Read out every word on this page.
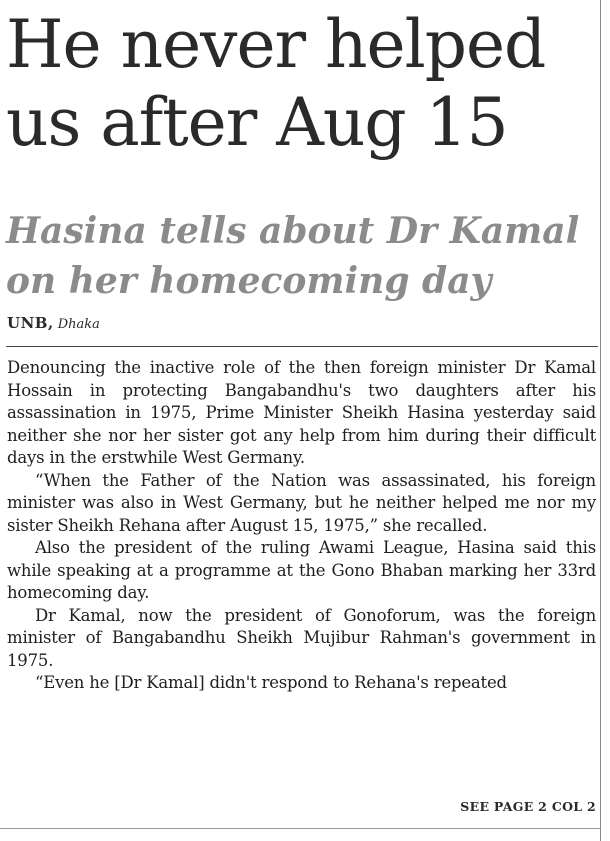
He never helped us after Aug 15
Hasina tells about Dr Kamal on her homecoming day
UNB, Dhaka

Denouncing the inactive role of the then foreign minister Dr Kamal Hossain in protecting Bangabandhu's two daughters after his assassination in 1975, Prime Minister Sheikh Hasina yesterday said neither she nor her sister got any help from him during their difficult days in the erstwhile West Germany.

“When the Father of the Nation was assassinated, his foreign minister was also in West Germany, but he neither helped me nor my sister Sheikh Rehana after August 15, 1975,” she recalled.

Also the president of the ruling Awami League, Hasina said this while speaking at a programme at the Gono Bhaban marking her 33rd homecoming day.

Dr Kamal, now the president of Gonoforum, was the foreign minister of Bangabandhu Sheikh Mujibur Rahman's government in 1975.

“Even he [Dr Kamal] didn't respond to Rehana's repeated

SEE PAGE 2 COL 2
